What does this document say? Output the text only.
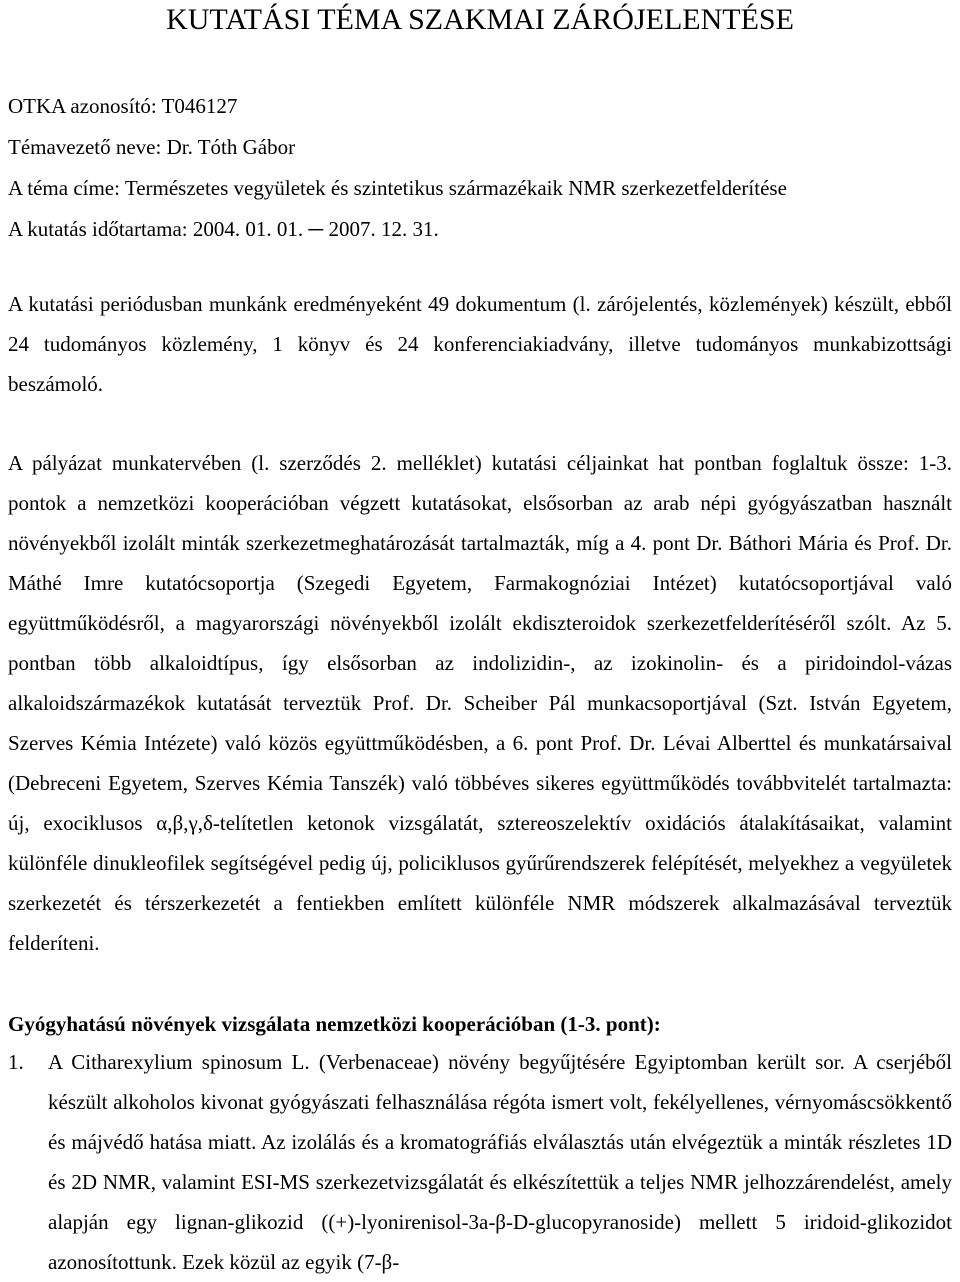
KUTATÁSI TÉMA SZAKMAI ZÁRÓJELENTÉSE
OTKA azonosító: T046127
Témavezető neve: Dr. Tóth Gábor
A téma címe: Természetes vegyületek és szintetikus származékaik NMR szerkezetfelderítése
A kutatás időtartama: 2004. 01. 01. ─ 2007. 12. 31.

A kutatási periódusban munkánk eredményeként 49 dokumentum (l. zárójelentés, közlemények) készült, ebből 24 tudományos közlemény, 1 könyv és 24 konferenciakiadvány, illetve tudományos munkabizottsági beszámoló.

A pályázat munkatervében (l. szerződés 2. melléklet) kutatási céljainkat hat pontban foglaltuk össze: 1-3. pontok a nemzetközi kooperációban végzett kutatásokat, elsősorban az arab népi gyógyászatban használt növényekből izolált minták szerkezetmeghatározását tartalmazták, míg a 4. pont Dr. Báthori Mária és Prof. Dr. Máthé Imre kutatócsoportja (Szegedi Egyetem, Farmakognóziai Intézet) kutatócsoportjával való együttműködésről, a magyarországi növényekből izolált ekdiszteroidok szerkezetfelderítéséről szólt. Az 5. pontban több alkaloidtípus, így elsősorban az indolizidin-, az izokinolin- és a piridoindol-vázas alkaloidszármazékok kutatását terveztük Prof. Dr. Scheiber Pál munkacsoportjával (Szt. István Egyetem, Szerves Kémia Intézete) való közös együttműködésben, a 6. pont Prof. Dr. Lévai Alberttel és munkatársaival (Debreceni Egyetem, Szerves Kémia Tanszék) való többéves sikeres együttműködés továbbvitelét tartalmazta: új, exociklusos α,β,γ,δ-telítetlen ketonok vizsgálatát, sztereoszelektív oxidációs átalakításaikat, valamint különféle dinukleofilek segítségével pedig új, policiklusos gyűrűrendszerek felépítését, melyekhez a vegyületek szerkezetét és térszerkezetét a fentiekben említett különféle NMR módszerek alkalmazásával terveztük felderíteni.

Gyógyhatású növények vizsgálata nemzetközi kooperációban (1-3. pont):

1. A Citharexylium spinosum L. (Verbenaceae) növény begyűjtésére Egyiptomban került sor. A cserjéből készült alkoholos kivonat gyógyászati felhasználása régóta ismert volt, fekélyellenes, vérnyomáscsökkentő és májvédő hatása miatt. Az izolálás és a kromatográfiás elválasztás után elvégeztük a minták részletes 1D és 2D NMR, valamint ESI-MS szerkezetvizsgálatát és elkészítettük a teljes NMR jelhozzárendelést, amely alapján egy lignan-glikozid ((+)-lyonirenisol-3a-β-D-glucopyranoside) mellett 5 iridoid-glikozidot azonosítottunk. Ezek közül az egyik (7-β-
